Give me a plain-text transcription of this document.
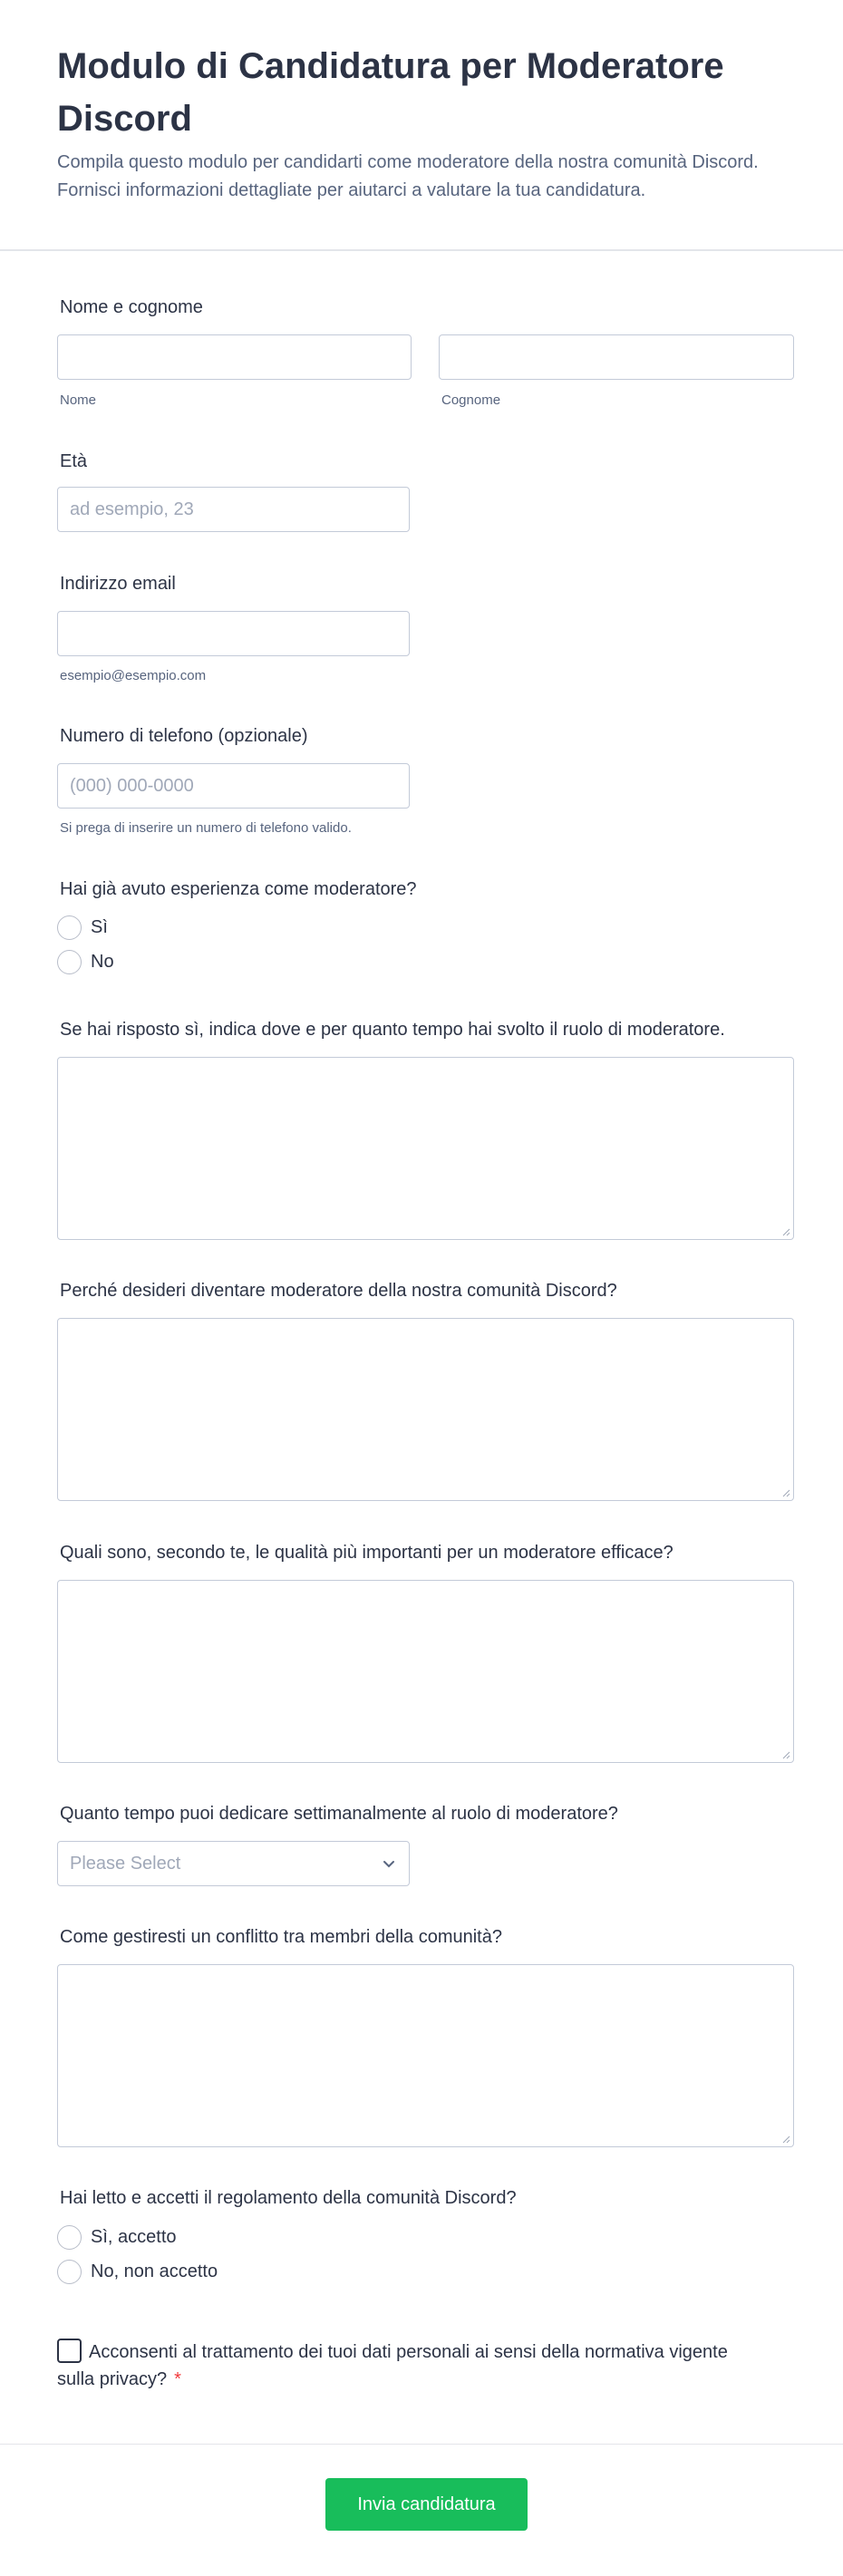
Modulo di Candidatura per Moderatore Discord

Compila questo modulo per candidarti come moderatore della nostra comunità Discord. Fornisci informazioni dettagliate per aiutarci a valutare la tua candidatura.

Nome e cognome
Nome	Cognome
Età
ad esempio, 23
Indirizzo email
esempio@esempio.com
Numero di telefono (opzionale)
(000) 000-0000
Si prega di inserire un numero di telefono valido.
Hai già avuto esperienza come moderatore?
Sì
No
Se hai risposto sì, indica dove e per quanto tempo hai svolto il ruolo di moderatore.
Perché desideri diventare moderatore della nostra comunità Discord?
Quali sono, secondo te, le qualità più importanti per un moderatore efficace?
Quanto tempo puoi dedicare settimanalmente al ruolo di moderatore?
Please Select
Come gestiresti un conflitto tra membri della comunità?
Hai letto e accetti il regolamento della comunità Discord?
Sì, accetto
No, non accetto
Acconsenti al trattamento dei tuoi dati personali ai sensi della normativa vigente sulla privacy? *
Invia candidatura
